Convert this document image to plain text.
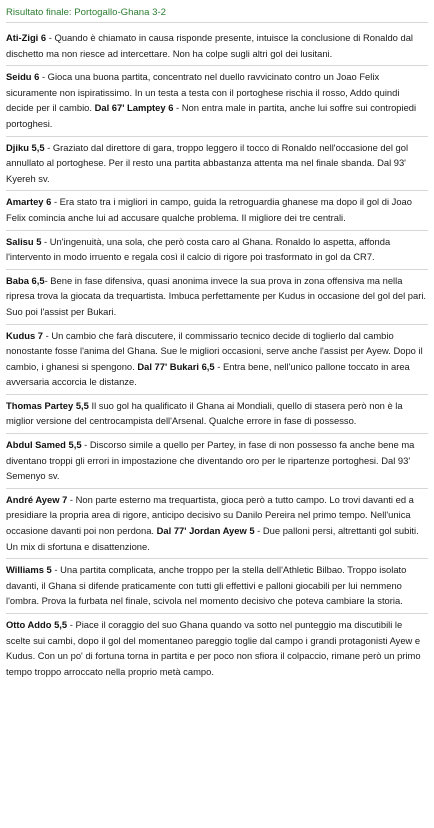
Risultato finale: Portogallo-Ghana 3-2
Ati-Zigi 6 - Quando è chiamato in causa risponde presente, intuisce la conclusione di Ronaldo dal dischetto ma non riesce ad intercettare. Non ha colpe sugli altri gol dei lusitani.
Seidu 6 - Gioca una buona partita, concentrato nel duello ravvicinato contro un Joao Felix sicuramente non ispiratissimo. In un testa a testa con il portoghese rischia il rosso, Addo quindi decide per il cambio. Dal 67' Lamptey 6 - Non entra male in partita, anche lui soffre sui contropiedi portoghesi.
Djiku 5,5 - Graziato dal direttore di gara, troppo leggero il tocco di Ronaldo nell'occasione del gol annullato al portoghese. Per il resto una partita abbastanza attenta ma nel finale sbanda. Dal 93' Kyereh sv.
Amartey 6 - Era stato tra i migliori in campo, guida la retroguardia ghanese ma dopo il gol di Joao Felix comincia anche lui ad accusare qualche problema. Il migliore dei tre centrali.
Salisu 5 - Un'ingenuità, una sola, che però costa caro al Ghana. Ronaldo lo aspetta, affonda l'intervento in modo irruento e regala così il calcio di rigore poi trasformato in gol da CR7.
Baba 6,5- Bene in fase difensiva, quasi anonima invece la sua prova in zona offensiva ma nella ripresa trova la giocata da trequartista. Imbuca perfettamente per Kudus in occasione del gol del pari. Suo poi l'assist per Bukari.
Kudus 7 - Un cambio che farà discutere, il commissario tecnico decide di toglierlo dal cambio nonostante fosse l'anima del Ghana. Sue le migliori occasioni, serve anche l'assist per Ayew. Dopo il cambio, i ghanesi si spengono. Dal 77' Bukari 6,5 - Entra bene, nell'unico pallone toccato in area avversaria accorcia le distanze.
Thomas Partey 5,5 Il suo gol ha qualificato il Ghana ai Mondiali, quello di stasera però non è la miglior versione del centrocampista dell'Arsenal. Qualche errore in fase di possesso.
Abdul Samed 5,5 - Discorso simile a quello per Partey, in fase di non possesso fa anche bene ma diventano troppi gli errori in impostazione che diventando oro per le ripartenze portoghesi. Dal 93' Semenyo sv.
André Ayew 7 - Non parte esterno ma trequartista, gioca però a tutto campo. Lo trovi davanti ed a presidiare la propria area di rigore, anticipo decisivo su Danilo Pereira nel primo tempo. Nell'unica occasione davanti poi non perdona. Dal 77' Jordan Ayew 5 - Due palloni persi, altrettanti gol subiti. Un mix di sfortuna e disattenzione.
Williams 5 - Una partita complicata, anche troppo per la stella dell'Athletic Bilbao. Troppo isolato davanti, il Ghana si difende praticamente con tutti gli effettivi e palloni giocabili per lui nemmeno l'ombra. Prova la furbata nel finale, scivola nel momento decisivo che poteva cambiare la storia.
Otto Addo 5,5 - Piace il coraggio del suo Ghana quando va sotto nel punteggio ma discutibili le scelte sui cambi, dopo il gol del momentaneo pareggio toglie dal campo i grandi protagonisti Ayew e Kudus. Con un po' di fortuna torna in partita e per poco non sfiora il colpaccio, rimane però un primo tempo troppo arroccato nella proprio metà campo.
